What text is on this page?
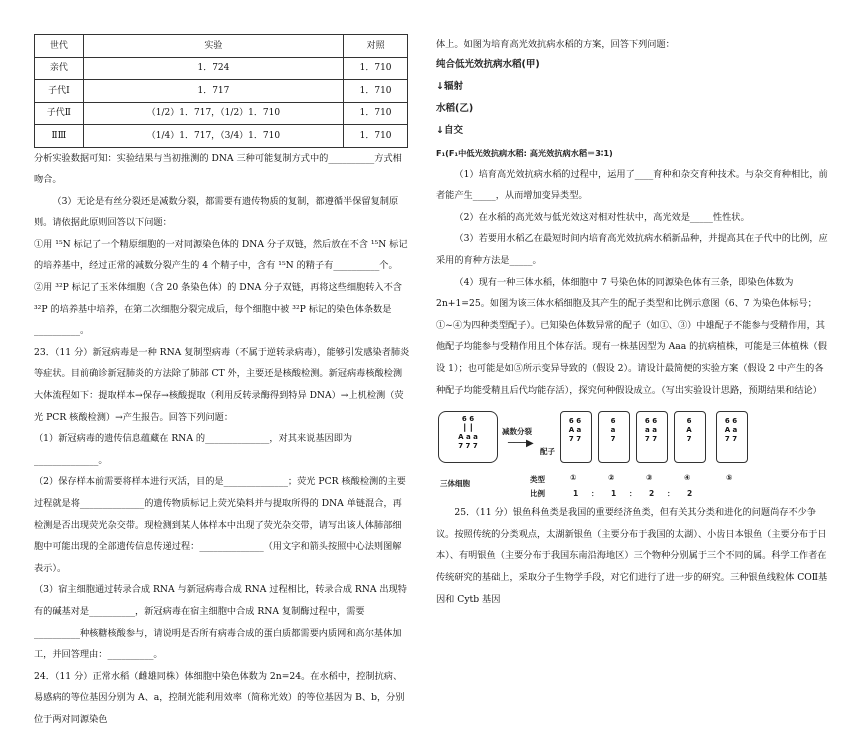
世代	实验	对照
亲代	1．724	1．710
子代Ⅰ	1．717	1．710
子代Ⅱ	（1/2）1．717，（1/2）1．710	1．710
ⅡⅢ	（1/4）1．717，（3/4）1．710	1．710

分析实验数据可知：实验结果与当初推测的 DNA 三种可能复制方式中的__________方式相吻合。

（3）无论是有丝分裂还是减数分裂，都需要有遗传物质的复制，都遵循半保留复制原则。请依据此原则回答以下问题：

①用 ¹⁵N 标记了一个精原细胞的一对同源染色体的 DNA 分子双链，然后放在不含 ¹⁵N 标记的培养基中，经过正常的减数分裂产生的 4 个精子中，含有 ¹⁵N 的精子有__________个。

②用 ³²P 标记了玉米体细胞（含 20 条染色体）的 DNA 分子双链，再将这些细胞转入不含 ³²P 的培养基中培养，在第二次细胞分裂完成后，每个细胞中被 ³²P 标记的染色体条数是__________。

23．（11 分）新冠病毒是一种 RNA 复制型病毒（不属于逆转录病毒），能够引发感染者肺炎等症状。目前确诊新冠肺炎的方法除了肺部 CT 外，主要还是核酸检测。新冠病毒核酸检测大体流程如下：提取样本→保存→核酸提取（利用反转录酶得到特异 DNA）→上机检测（荧光 PCR 核酸检测）→产生报告。回答下列问题：

（1）新冠病毒的遗传信息蕴藏在 RNA 的______________，对其来说基因即为______________。

（2）保存样本前需要将样本进行灭活，目的是______________；荧光 PCR 核酸检测的主要过程就是将______________的遗传物质标记上荧光染料并与提取所得的 DNA 单链混合，再检测是否出现荧光杂交带。现检测到某人体样本中出现了荧光杂交带，请写出该人体肺部细胞中可能出现的全部遗传信息传递过程：______________（用文字和箭头按照中心法则图解表示）。

（3）宿主细胞通过转录合成 RNA 与新冠病毒合成 RNA 过程相比，转录合成 RNA 出现特有的碱基对是__________，新冠病毒在宿主细胞中合成 RNA 复制酶过程中，需要__________种核糖核酸参与，请说明是否所有病毒合成的蛋白质都需要内质网和高尔基体加工，并回答理由：__________。

24．（11 分）正常水稻（雌雄同株）体细胞中染色体数为 2n=24。在水稻中，控制抗病、易感病的等位基因分别为 A、a，控制光能利用效率（简称光效）的等位基因为 B、b，分别位于两对同源染色

体上。如图为培育高光效抗病水稻的方案，回答下列问题：

纯合低光效抗病水稻(甲)
↓辐射
水稻(乙)
↓自交
F₁(F₁中低光效抗病水稻: 高光效抗病水稻＝3∶1)

（1）培育高光效抗病水稻的过程中，运用了____育种和杂交育种技术。与杂交育种相比，前者能产生_____，从而增加变异类型。

（2）在水稻的高光效与低光效这对相对性状中，高光效是_____性性状。

（3）若要用水稻乙在最短时间内培育高光效抗病水稻新品种，并提高其在子代中的比例，应采用的育种方法是_____。

（4）现有一种三体水稻，体细胞中 7 号染色体的同源染色体有三条，即染色体数为 2n+1=25。如图为该三体水稻细胞及其产生的配子类型和比例示意图（6、7 为染色体标号；①~④为四种类型配子）。已知染色体数异常的配子（如①、③）中雄配子不能参与受精作用，其他配子均能参与受精作用且个体存活。现有一株基因型为 Aaa 的抗病植株，可能是三体植株（假设 1）；也可能是如⑤所示变异导致的（假设 2）。请设计最简便的实验方案（假设 2 中产生的各种配子均能受精且后代均能存活），探究何种假设成立。（写出实验设计思路，预期结果和结论）

6 6
┃ ┃
A a a
7 7 7
三体细胞
减数分裂
───▶
配子
6 6
A a
7 7
6
a
7
6 6
a a
7 7
6
A
7
6 6
A a
7 7
类型	①	②	③	④	⑤
比例	1 ： 1 ： 2 ： 2

25．（11 分）银鱼科鱼类是我国的重要经济鱼类，但有关其分类和进化的问题尚存不少争议。按照传统的分类观点，太湖新银鱼（主要分布于我国的太湖）、小齿日本银鱼（主要分布于日本）、有明银鱼（主要分布于我国东南沿海地区）三个物种分别属于三个不同的属。科学工作者在传统研究的基础上，采取分子生物学手段，对它们进行了进一步的研究。三种银鱼线粒体 COⅡ基因和 Cytb 基因
